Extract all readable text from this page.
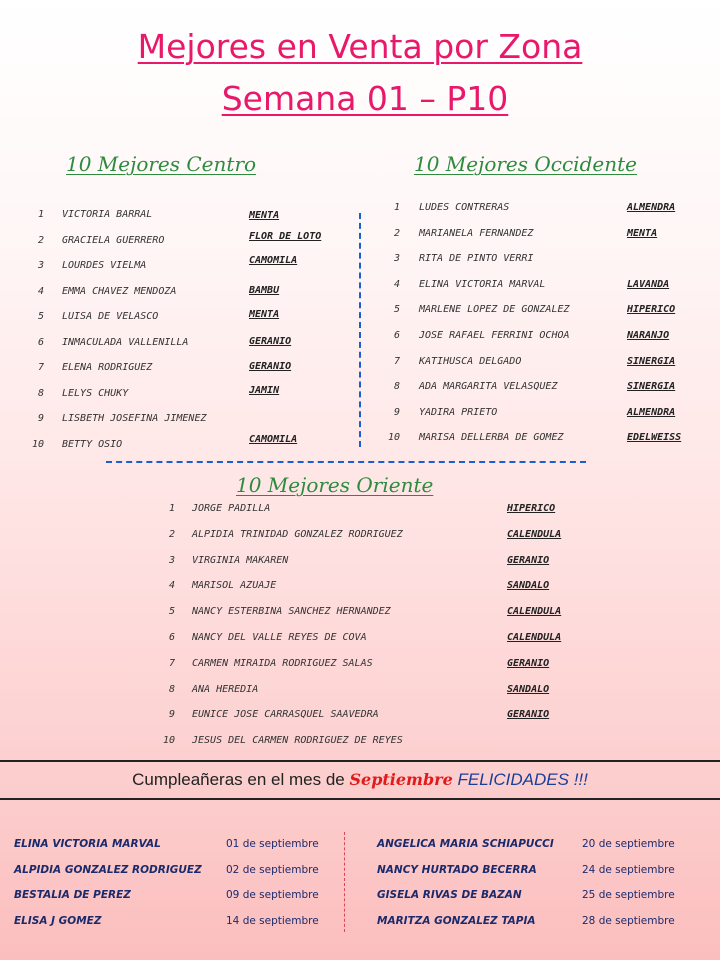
Mejores en Venta por Zona
Semana 01 – P10
10 Mejores Centro	10 Mejores Occidente
10 Mejores Oriente
1 VICTORIA BARRAL	MENTA
2 GRACIELA GUERRERO	FLOR DE LOTO
3 LOURDES VIELMA	CAMOMILA
4 EMMA CHAVEZ MENDOZA	BAMBU
5 LUISA DE VELASCO	MENTA
6 INMACULADA VALLENILLA	GERANIO
7 ELENA RODRIGUEZ	GERANIO
8 LELYS CHUKY	JAMIN
9 LISBETH JOSEFINA JIMENEZ
10 BETTY OSIO	CAMOMILA
1 LUDES CONTRERAS	ALMENDRA
2 MARIANELA FERNANDEZ	MENTA
3 RITA DE PINTO VERRI
4 ELINA VICTORIA MARVAL	LAVANDA
5 MARLENE LOPEZ DE GONZALEZ	HIPERICO
6 JOSE RAFAEL FERRINI OCHOA	NARANJO
7 KATIHUSCA DELGADO	SINERGIA
8 ADA MARGARITA VELASQUEZ	SINERGIA
9 YADIRA PRIETO	ALMENDRA
10 MARISA DELLERBA DE GOMEZ	EDELWEISS
1 JORGE PADILLA	HIPERICO
2 ALPIDIA TRINIDAD GONZALEZ RODRIGUEZ	CALENDULA
3 VIRGINIA MAKAREN	GERANIO
4 MARISOL AZUAJE	SANDALO
5 NANCY ESTERBINA SANCHEZ HERNANDEZ	CALENDULA
6 NANCY DEL VALLE REYES DE COVA	CALENDULA
7 CARMEN MIRAIDA RODRIGUEZ SALAS	GERANIO
8 ANA HEREDIA	SANDALO
9 EUNICE JOSE CARRASQUEL SAAVEDRA	GERANIO
10 JESUS DEL CARMEN RODRIGUEZ DE REYES
Cumpleañeras en el mes de Septiembre FELICIDADES !!!
ELINA VICTORIA MARVAL	01 de septiembre
ALPIDIA GONZALEZ RODRIGUEZ 02 de septiembre
BESTALIA DE PEREZ	09 de septiembre
ELISA J GOMEZ	14 de septiembre
ANGELICA MARIA SCHIAPUCCI	20 de septiembre
NANCY HURTADO BECERRA	24 de septiembre
GISELA RIVAS DE BAZAN	25 de septiembre
MARITZA GONZALEZ TAPIA	28 de septiembre
